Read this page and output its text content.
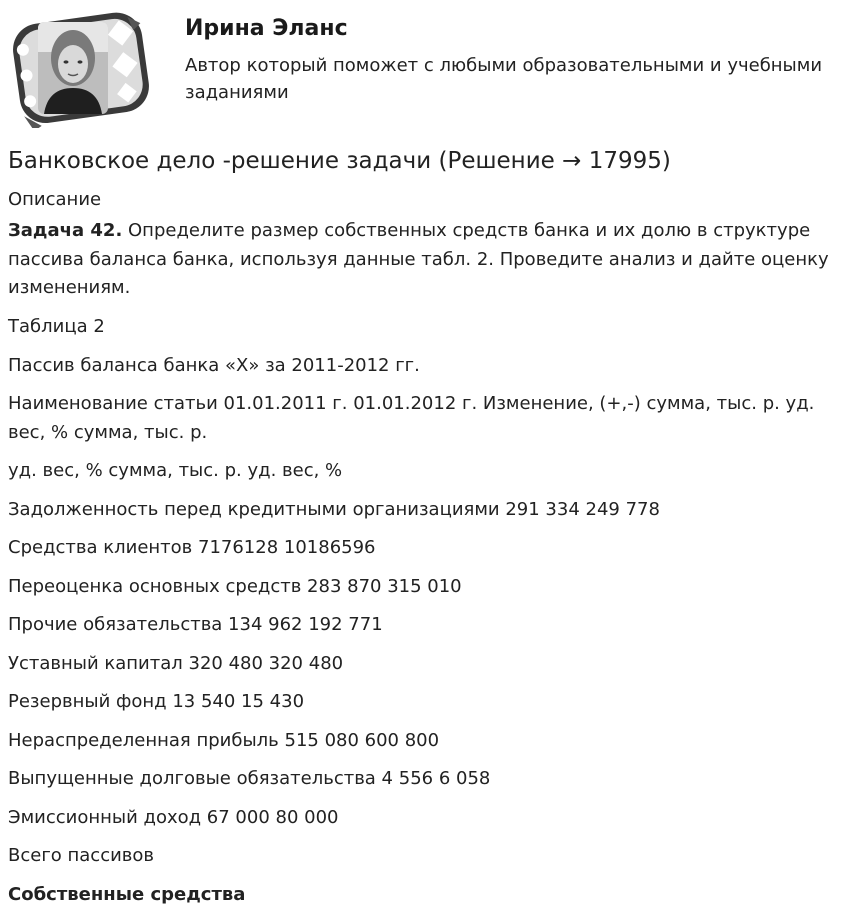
Ирина Эланс

Автор который поможет с любыми образовательными и учебными заданиями

Банковское дело -решение задачи (Решение → 17995)
Описание

Задача 42. Определите размер собственных средств банка и их долю в структуре пассива баланса банка, используя данные табл. 2. Проведите анализ и дайте оценку изменениям.

Таблица 2
Пассив баланса банка «Х» за 2011-2012 гг.
Наименование статьи 01.01.2011 г. 01.01.2012 г. Изменение, (+,-) сумма, тыс. р. уд. вес, % сумма, тыс. р.
уд. вес, % сумма, тыс. р. уд. вес, %
Задолженность перед кредитными организациями 291 334 249 778
Средства клиентов 7176128 10186596
Переоценка основных средств 283 870 315 010
Прочие обязательства 134 962 192 771
Уставный капитал 320 480 320 480
Резервный фонд 13 540 15 430
Нераспределенная прибыль 515 080 600 800
Выпущенные долговые обязательства 4 556 6 058
Эмиссионный доход 67 000 80 000
Всего пассивов
Собственные средства
